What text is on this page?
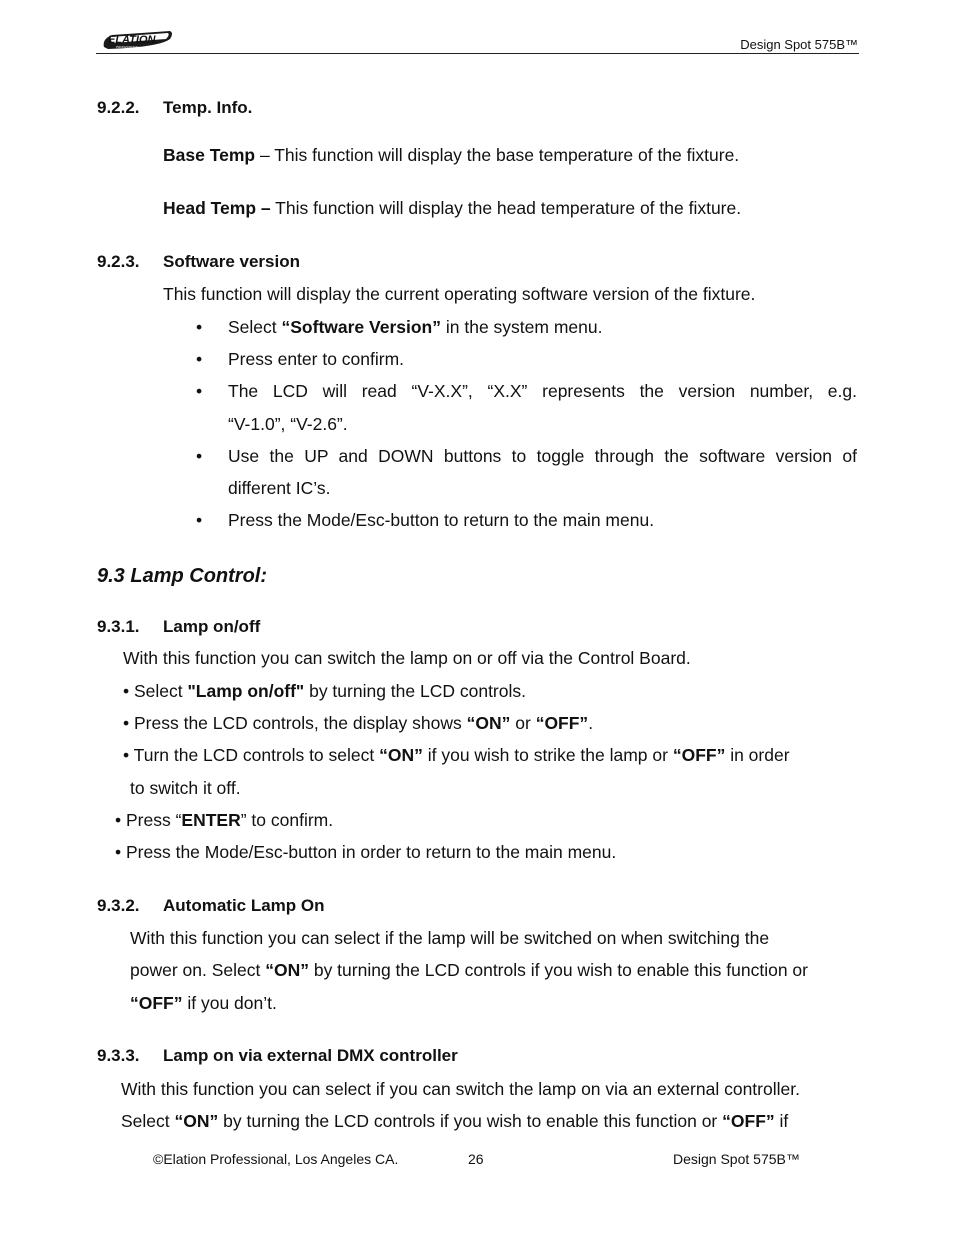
ELATION
PROFESSIONAL	Design Spot 575B™
9.2.2. Temp. Info.
Base Temp – This function will display the base temperature of the fixture.
Head Temp – This function will display the head temperature of the fixture.
9.2.3. Software version
This function will display the current operating software version of the fixture.
• Select “Software Version” in the system menu.
• Press enter to confirm.
• The LCD will read “V-X.X”, “X.X” represents the version number, e.g.
“V-1.0”, “V-2.6”.
• Use the UP and DOWN buttons to toggle through the software version of
different IC’s.
• Press the Mode/Esc-button to return to the main menu.
9.3 Lamp Control:
9.3.1. Lamp on/off
With this function you can switch the lamp on or off via the Control Board.
• Select "Lamp on/off" by turning the LCD controls.
• Press the LCD controls, the display shows “ON” or “OFF”.
• Turn the LCD controls to select “ON” if you wish to strike the lamp or “OFF” in order
to switch it off.
• Press “ENTER” to confirm.
• Press the Mode/Esc-button in order to return to the main menu.
9.3.2. Automatic Lamp On
With this function you can select if the lamp will be switched on when switching the
power on. Select “ON” by turning the LCD controls if you wish to enable this function or
“OFF” if you don’t.
9.3.3. Lamp on via external DMX controller
With this function you can select if you can switch the lamp on via an external controller.
Select “ON” by turning the LCD controls if you wish to enable this function or “OFF” if
©Elation Professional, Los Angeles CA.	26	Design Spot 575B™
